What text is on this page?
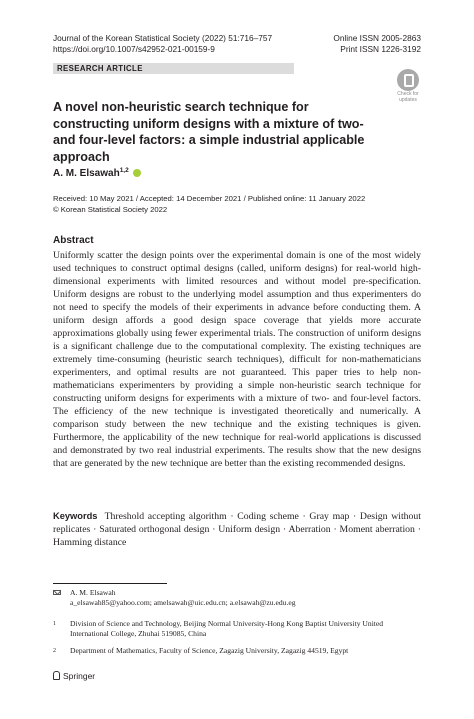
Journal of the Korean Statistical Society (2022) 51:716–757
https://doi.org/10.1007/s42952-021-00159-9
Online ISSN 2005-2863
Print ISSN 1226-3192
RESEARCH ARTICLE
Check for
updates
A novel non-heuristic search technique for constructing uniform designs with a mixture of two- and four-level factors: a simple industrial applicable approach
A. M. Elsawah$^{1,2}$
Received: 10 May 2021 / Accepted: 14 December 2021 / Published online: 11 January 2022
© Korean Statistical Society 2022
Abstract
Uniformly scatter the design points over the experimental domain is one of the most widely used techniques to construct optimal designs (called, uniform designs) for real-world high-dimensional experiments with limited resources and without model pre-specification. Uniform designs are robust to the underlying model assumption and thus experimenters do not need to specify the models of their experiments in advance before conducting them. A uniform design affords a good design space coverage that yields more accurate approximations globally using fewer experimental trials. The construction of uniform designs is a significant challenge due to the computational complexity. The existing techniques are extremely time-consuming (heuristic search techniques), difficult for non-mathematicians experimenters, and optimal results are not guaranteed. This paper tries to help non-mathematicians experimenters by providing a simple non-heuristic search technique for constructing uniform designs for experiments with a mixture of two- and four-level factors. The efficiency of the new technique is investigated theoretically and numerically. A comparison study between the new technique and the existing techniques is given. Furthermore, the applicability of the new technique for real-world applications is discussed and demonstrated by two real industrial experiments. The results show that the new designs that are generated by the new technique are better than the existing recommended designs.
Keywords Threshold accepting algorithm · Coding scheme · Gray map · Design without replicates · Saturated orthogonal design · Uniform design · Aberration · Moment aberration · Hamming distance
A. M. Elsawah
a_elsawah85@yahoo.com; amelsawah@uic.edu.cn; a.elsawah@zu.edu.eg
1 Division of Science and Technology, Beijing Normal University-Hong Kong Baptist University United International College, Zhuhai 519085, China
2 Department of Mathematics, Faculty of Science, Zagazig University, Zagazig 44519, Egypt
Springer
